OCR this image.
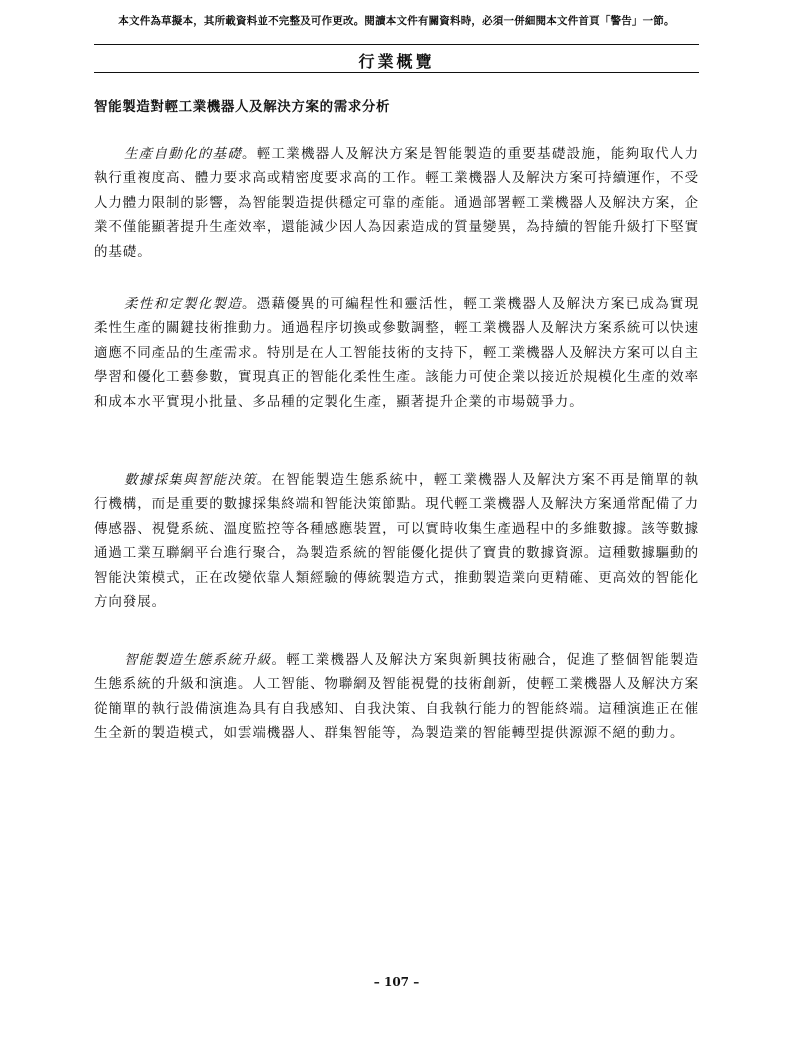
本文件為草擬本，其所載資料並不完整及可作更改。閱讀本文件有關資料時，必須一併細閱本文件首頁「警告」一節。
行業概覽
智能製造對輕工業機器人及解決方案的需求分析

生產自動化的基礎。輕工業機器人及解決方案是智能製造的重要基礎設施，能夠取代人力執行重複度高、體力要求高或精密度要求高的工作。輕工業機器人及解決方案可持續運作，不受人力體力限制的影響，為智能製造提供穩定可靠的產能。通過部署輕工業機器人及解決方案，企業不僅能顯著提升生產效率，還能減少因人為因素造成的質量變異，為持續的智能升級打下堅實的基礎。

柔性和定製化製造。憑藉優異的可編程性和靈活性，輕工業機器人及解決方案已成為實現柔性生產的關鍵技術推動力。通過程序切換或參數調整，輕工業機器人及解決方案系統可以快速適應不同產品的生產需求。特別是在人工智能技術的支持下，輕工業機器人及解決方案可以自主學習和優化工藝參數，實現真正的智能化柔性生產。該能力可使企業以接近於規模化生產的效率和成本水平實現小批量、多品種的定製化生產，顯著提升企業的市場競爭力。

數據採集與智能決策。在智能製造生態系統中，輕工業機器人及解決方案不再是簡單的執行機構，而是重要的數據採集終端和智能決策節點。現代輕工業機器人及解決方案通常配備了力傳感器、視覺系統、溫度監控等各種感應裝置，可以實時收集生產過程中的多維數據。該等數據通過工業互聯網平台進行聚合，為製造系統的智能優化提供了寶貴的數據資源。這種數據驅動的智能決策模式，正在改變依靠人類經驗的傳統製造方式，推動製造業向更精確、更高效的智能化方向發展。

智能製造生態系統升級。輕工業機器人及解決方案與新興技術融合，促進了整個智能製造生態系統的升級和演進。人工智能、物聯網及智能視覺的技術創新，使輕工業機器人及解決方案從簡單的執行設備演進為具有自我感知、自我決策、自我執行能力的智能終端。這種演進正在催生全新的製造模式，如雲端機器人、群集智能等，為製造業的智能轉型提供源源不絕的動力。

– 107 –
